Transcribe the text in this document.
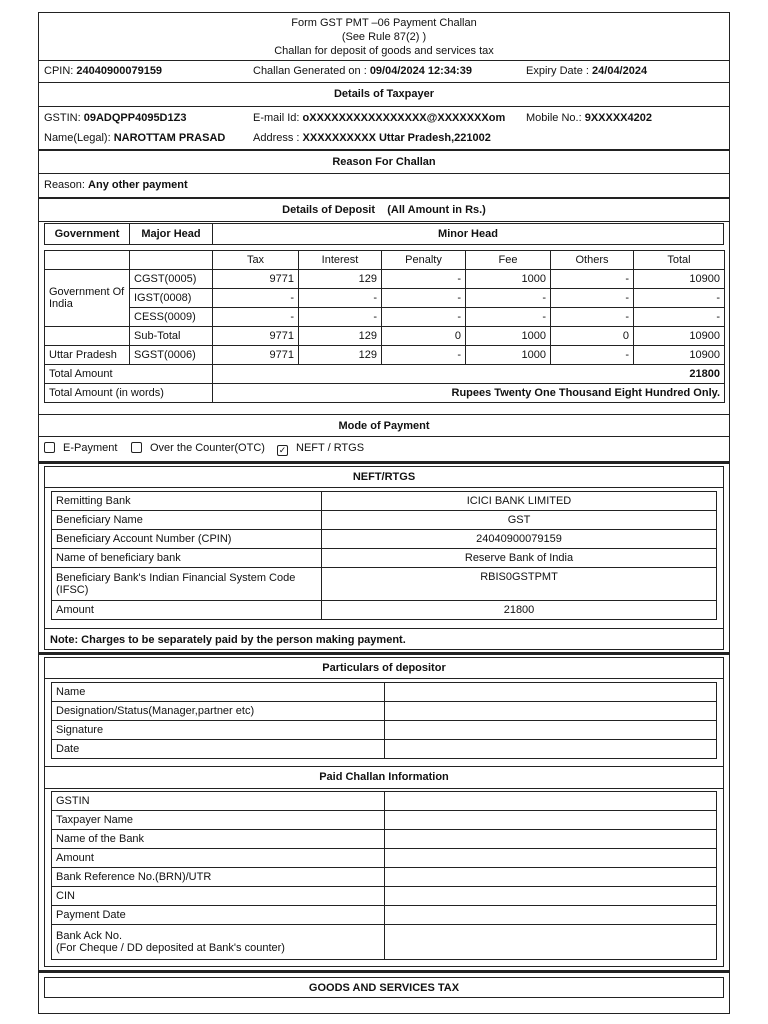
Form GST PMT –06 Payment Challan
(See Rule 87(2) )
Challan for deposit of goods and services tax
CPIN: 24040900079159	Challan Generated on : 09/04/2024 12:34:39	Expiry Date : 24/04/2024
Details of Taxpayer
GSTIN: 09ADQPP4095D1Z3	E-mail Id: oXXXXXXXXXXXXXXXX@XXXXXXXom Mobile No.: 9XXXXX4202
Name(Legal): NAROTTAM PRASAD	Address : XXXXXXXXXX Uttar Pradesh,221002
Reason For Challan
Reason: Any other payment
Details of Deposit (All Amount in Rs.)
Government	Major Head	Minor Head
		Tax	Interest	Penalty	Fee	Others	Total
Government Of India	CGST(0005)	9771	129	-	1000	-	10900
	IGST(0008)	-	-	-	-	-	-
	CESS(0009)	-	-	-	-	-	-
	Sub-Total	9771	129	0	1000	0	10900
Uttar Pradesh	SGST(0006)	9771	129	-	1000	-	10900
Total Amount		21800					
Total Amount (in words)		Rupees Twenty One Thousand Eight Hundred Only.					
Mode of Payment
E-Payment	Over the Counter(OTC) ✓ NEFT / RTGS
NEFT/RTGS
Remitting Bank	ICICI BANK LIMITED
Beneficiary Name	GST
Beneficiary Account Number (CPIN)	24040900079159
Name of beneficiary bank	Reserve Bank of India
Beneficiary Bank's Indian Financial System Code (IFSC)	RBIS0GSTPMT
Amount	21800
Note: Charges to be separately paid by the person making payment.
Particulars of depositor
Name	
Designation/Status(Manager,partner etc)	
Signature	
Date	
Paid Challan Information
GSTIN	
Taxpayer Name	
Name of the Bank	
Amount	
Bank Reference No.(BRN)/UTR	
CIN	
Payment Date	

Bank Ack No.
(For Cheque / DD deposited at Bank's counter)	

GOODS AND SERVICES TAX
